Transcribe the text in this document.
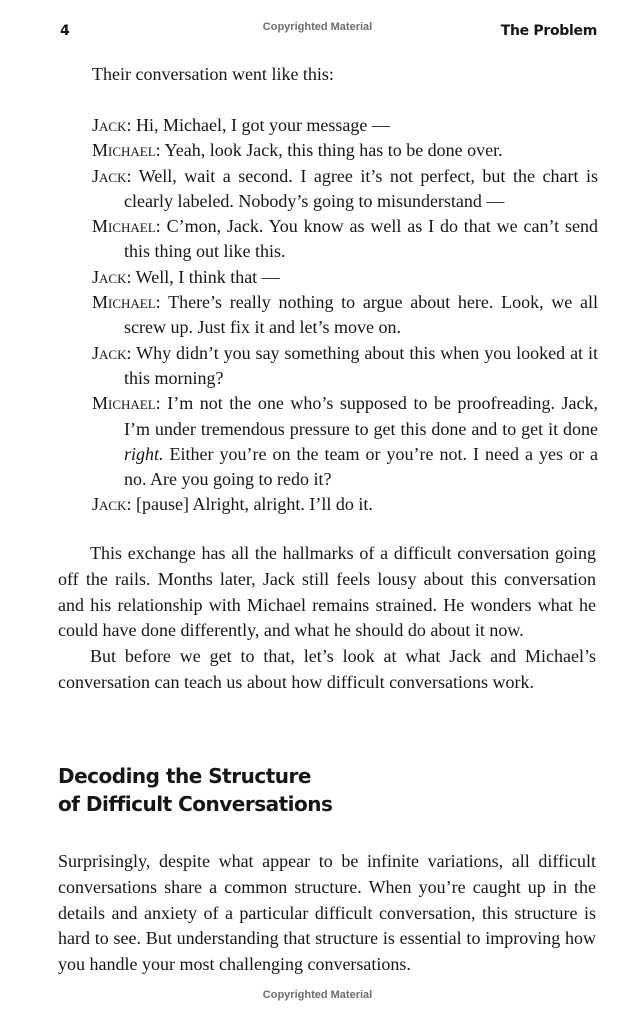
4	Copyrighted Material	The Problem

Their conversation went like this:

Jack : Hi, Michael, I got your message —
Michael : Yeah, look Jack, this thing has to be done over.
Jack : Well, wait a second. I agree it’s not perfect, but the chart is clearly labeled. Nobody’s going to misunderstand —
Michael : C’mon, Jack. You know as well as I do that we can’t send this thing out like this.
Jack : Well, I think that —
Michael : There’s really nothing to argue about here. Look, we all screw up. Just fix it and let’s move on.
Jack : Why didn’t you say something about this when you looked at it this morning?
Michael : I’m not the one who’s supposed to be proofreading. Jack, I’m under tremendous pressure to get this done and to get it done right. Either you’re on the team or you’re not. I need a yes or a no. Are you going to redo it?
Jack : [pause] Alright, alright. I’ll do it.

This exchange has all the hallmarks of a difficult conversation going off the rails. Months later, Jack still feels lousy about this conversation and his relationship with Michael remains strained. He wonders what he could have done differently, and what he should do about it now.

But before we get to that, let’s look at what Jack and Michael’s conversation can teach us about how difficult conversations work.

Decoding the Structure
of Difficult Conversations

Surprisingly, despite what appear to be infinite variations, all difficult conversations share a common structure. When you’re caught up in the details and anxiety of a particular difficult conversation, this structure is hard to see. But understanding that structure is essential to improving how you handle your most challenging conversations.

Copyrighted Material
